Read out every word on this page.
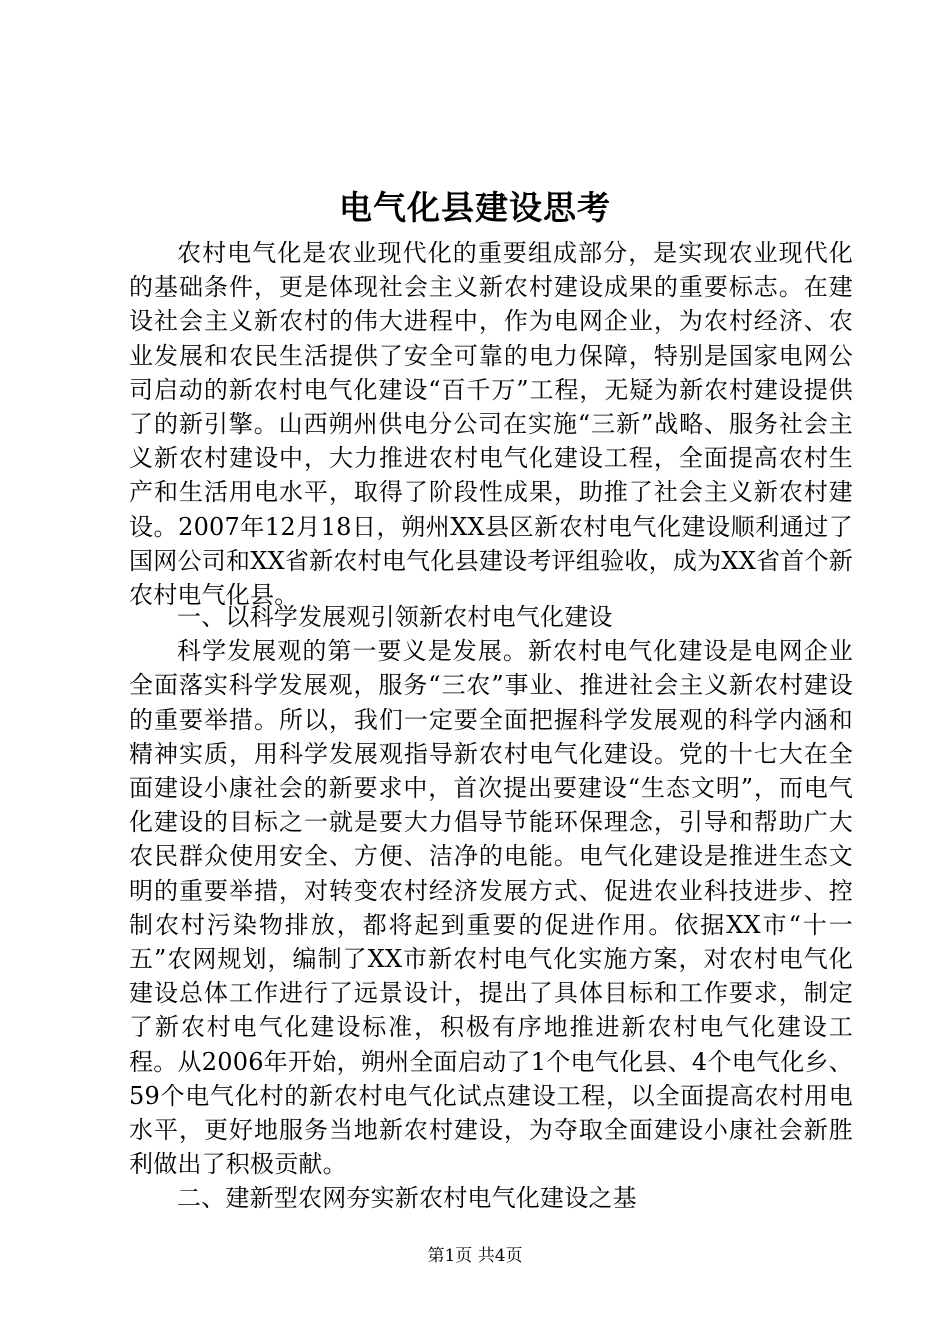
电气化县建设思考

农村电气化是农业现代化的重要组成部分，是实现农业现代化的基础条件，更是体现社会主义新农村建设成果的重要标志。在建设社会主义新农村的伟大进程中，作为电网企业，为农村经济、农业发展和农民生活提供了安全可靠的电力保障，特别是国家电网公司启动的新农村电气化建设“百千万”工程，无疑为新农村建设提供了的新引擎。山西朔州供电分公司在实施“三新”战略、服务社会主义新农村建设中，大力推进农村电气化建设工程，全面提高农村生产和生活用电水平，取得了阶段性成果，助推了社会主义新农村建设。2007年12月18日，朔州XX县区新农村电气化建设顺利通过了国网公司和XX省新农村电气化县建设考评组验收，成为XX省首个新农村电气化县。

一、以科学发展观引领新农村电气化建设

科学发展观的第一要义是发展。新农村电气化建设是电网企业全面落实科学发展观，服务“三农”事业、推进社会主义新农村建设的重要举措。所以，我们一定要全面把握科学发展观的科学内涵和精神实质，用科学发展观指导新农村电气化建设。党的十七大在全面建设小康社会的新要求中，首次提出要建设“生态文明”，而电气化建设的目标之一就是要大力倡导节能环保理念，引导和帮助广大农民群众使用安全、方便、洁净的电能。电气化建设是推进生态文明的重要举措，对转变农村经济发展方式、促进农业科技进步、控制农村污染物排放，都将起到重要的促进作用。依据XX市“十一五”农网规划，编制了XX市新农村电气化实施方案，对农村电气化建设总体工作进行了远景设计，提出了具体目标和工作要求，制定了新农村电气化建设标准，积极有序地推进新农村电气化建设工程。从2006年开始，朔州全面启动了1个电气化县、4个电气化乡、59个电气化村的新农村电气化试点建设工程，以全面提高农村用电水平，更好地服务当地新农村建设，为夺取全面建设小康社会新胜利做出了积极贡献。

二、建新型农网夯实新农村电气化建设之基

第1页 共4页
